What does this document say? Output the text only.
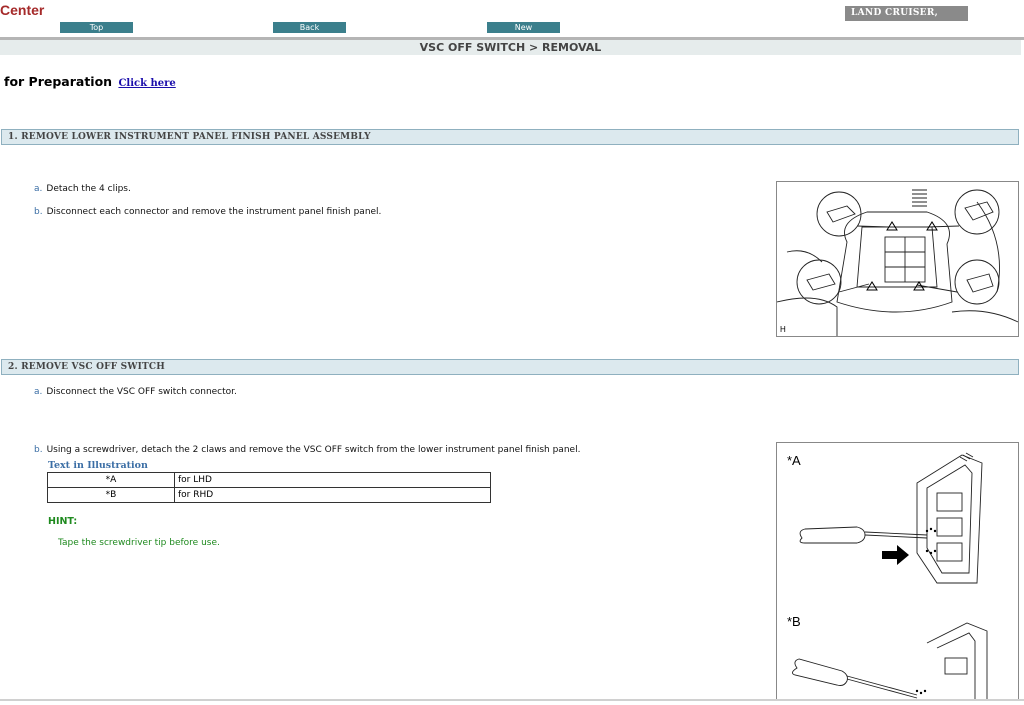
Center
Top	Back	New
LAND CRUISER,
VSC OFF SWITCH > REMOVAL
for Preparation Click here
1. REMOVE LOWER INSTRUMENT PANEL FINISH PANEL ASSEMBLY
a. Detach the 4 clips.
b. Disconnect each connector and remove the instrument panel finish panel.
H
2. REMOVE VSC OFF SWITCH
a. Disconnect the VSC OFF switch connector.
b. Using a screwdriver, detach the 2 claws and remove the VSC OFF switch from the lower instrument panel finish panel.
Text in Illustration
*A	for LHD
*B	for RHD
HINT:
Tape the screwdriver tip before use.
*A
*B
